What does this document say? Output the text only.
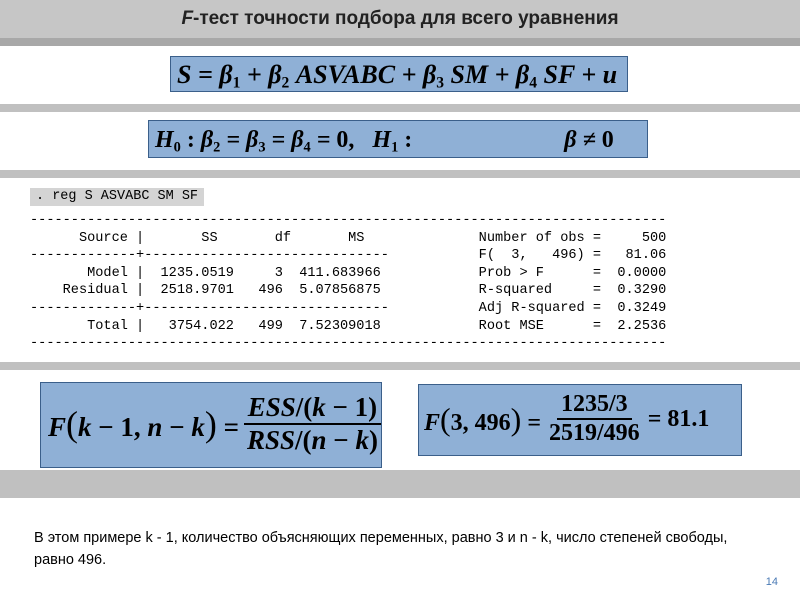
F-тест точности подбора для всего уравнения
$S = \beta_1 + \beta_2$ ASVABC + $\beta_3$ SM + $\beta_4$ SF + u
$H_0$ : $\beta_2 = \beta_3 = \beta_4 = 0$,   $H_1$ :	β ≠ 0
. reg S ASVABC SM SF
------------------------------------------------------------------------------
Source |       SS       df       MS              Number of obs =     500
-------------+------------------------------           F(  3,   496) =   81.06
Model |  1235.0519     3  411.683966            Prob > F      =  0.0000
Residual |  2518.9701   496  5.07856875            R-squared     =  0.3290
-------------+------------------------------           Adj R-squared =  0.3249
Total |   3754.022   499  7.52309018            Root MSE      =  2.2536
------------------------------------------------------------------------------
F(k − 1, $n - k) = \frac{\text{ESS/(k − 1)}}{\text{RSS/(n − k)}} F(3$, $496) = \frac{1235/3}{2519/496} = 81.1$
В этом примере k - 1, количество объясняющих переменных, равно 3 и n - k, число степеней свободы, равно 496.
14
